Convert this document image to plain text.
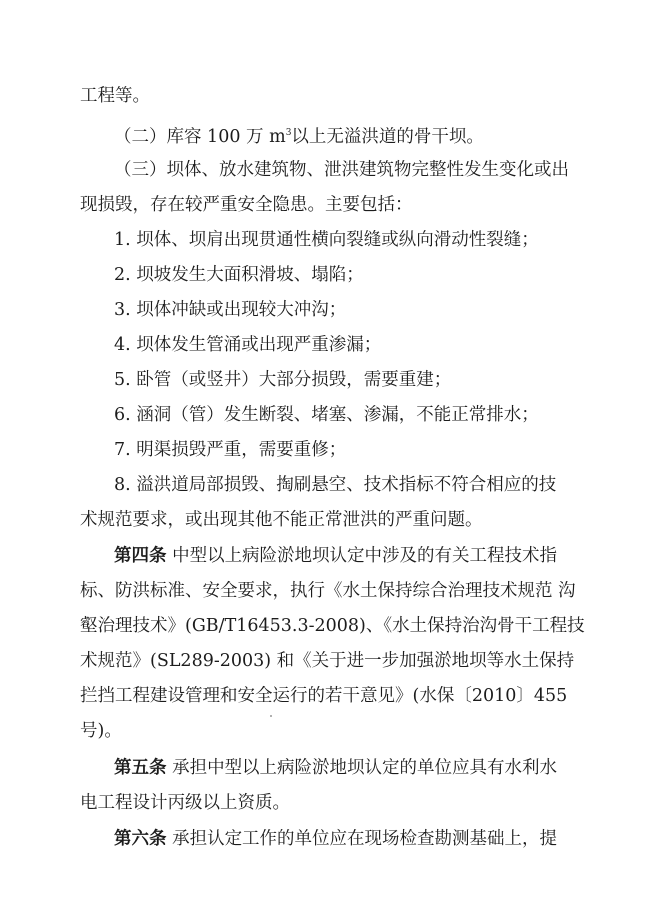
工程等。
（二）库容 100 万 $m^3$以上无溢洪道的骨干坝。
（三）坝体、放水建筑物、泄洪建筑物完整性发生变化或出
现损毁，存在较严重安全隐患。主要包括：
1. 坝体、坝肩出现贯通性横向裂缝或纵向滑动性裂缝；
2. 坝坡发生大面积滑坡、塌陷；
3. 坝体冲缺或出现较大冲沟；
4. 坝体发生管涌或出现严重渗漏；
5. 卧管（或竖井）大部分损毁，需要重建；
6. 涵洞（管）发生断裂、堵塞、渗漏，不能正常排水；
7. 明渠损毁严重，需要重修；
8. 溢洪道局部损毁、掏刷悬空、技术指标不符合相应的技
术规范要求，或出现其他不能正常泄洪的严重问题。
第四条 中型以上病险淤地坝认定中涉及的有关工程技术指
标、防洪标准、安全要求，执行《水土保持综合治理技术规范 沟
壑治理技术》(GB/T16453.3-2008)、《水土保持治沟骨干工程技
术规范》(SL289-2003) 和《关于进一步加强淤地坝等水土保持
拦挡工程建设管理和安全运行的若干意见》(水保〔2010〕455
号)。
第五条 承担中型以上病险淤地坝认定的单位应具有水利水
电工程设计丙级以上资质。
第六条 承担认定工作的单位应在现场检查勘测基础上，提
